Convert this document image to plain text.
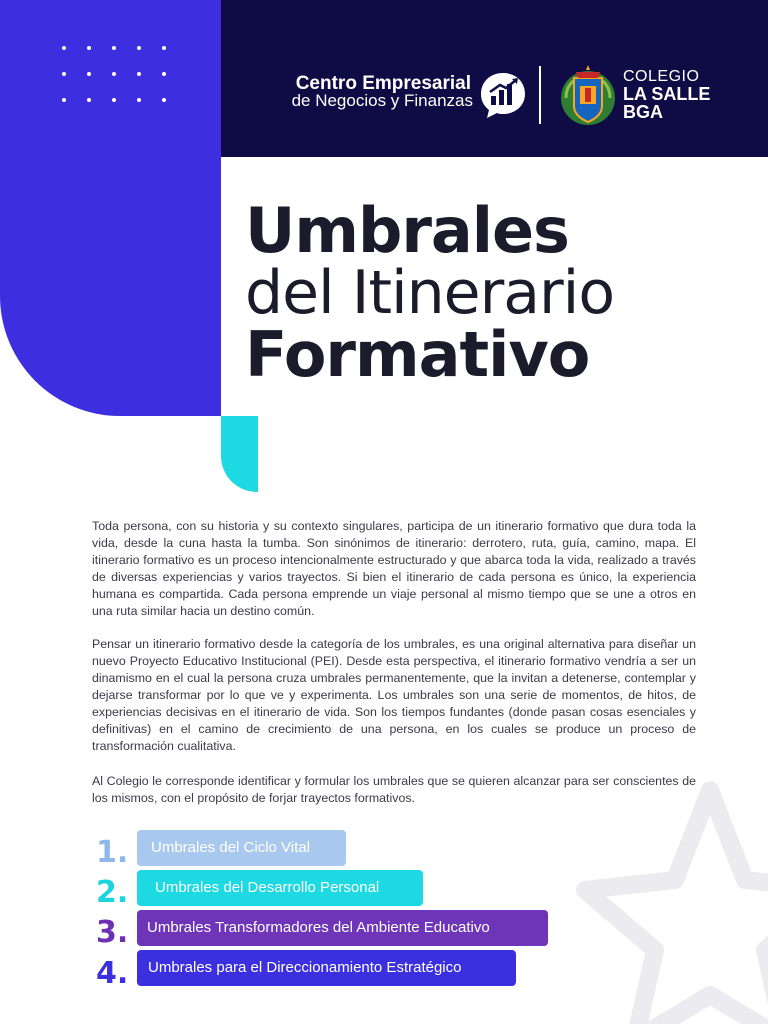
Centro Empresarial
de Negocios y Finanzas
COLEGIO
LA SALLE
BGA
Umbrales
del Itinerario
Formativo

Toda persona, con su historia y su contexto singulares, participa de un itinerario formativo que dura toda la vida, desde la cuna hasta la tumba. Son sinónimos de itinerario: derrotero, ruta, guía, camino, mapa. El itinerario formativo es un proceso intencionalmente estructurado y que abarca toda la vida, realizado a través de diversas experiencias y varios trayectos. Si bien el itinerario de cada persona es único, la experiencia humana es compartida. Cada persona emprende un viaje personal al mismo tiempo que se une a otros en una ruta similar hacia un destino común.

Pensar un itinerario formativo desde la categoría de los umbrales, es una original alternativa para diseñar un nuevo Proyecto Educativo Institucional (PEI). Desde esta perspectiva, el itinerario formativo vendría a ser un dinamismo en el cual la persona cruza umbrales permanentemente, que la invitan a detenerse, contemplar y dejarse transformar por lo que ve y experimenta. Los umbrales son una serie de momentos, de hitos, de experiencias decisivas en el itinerario de vida. Son los tiempos fundantes (donde pasan cosas esenciales y definitivas) en el camino de crecimiento de una persona, en los cuales se produce un proceso de transformación cualitativa.

Al Colegio le corresponde identificar y formular los umbrales que se quieren alcanzar para ser conscientes de los mismos, con el propósito de forjar trayectos formativos.

1.	Umbrales del Ciclo Vital
2.	Umbrales del Desarrollo Personal
3.	Umbrales Transformadores del Ambiente Educativo
4.	Umbrales para el Direccionamiento Estratégico
